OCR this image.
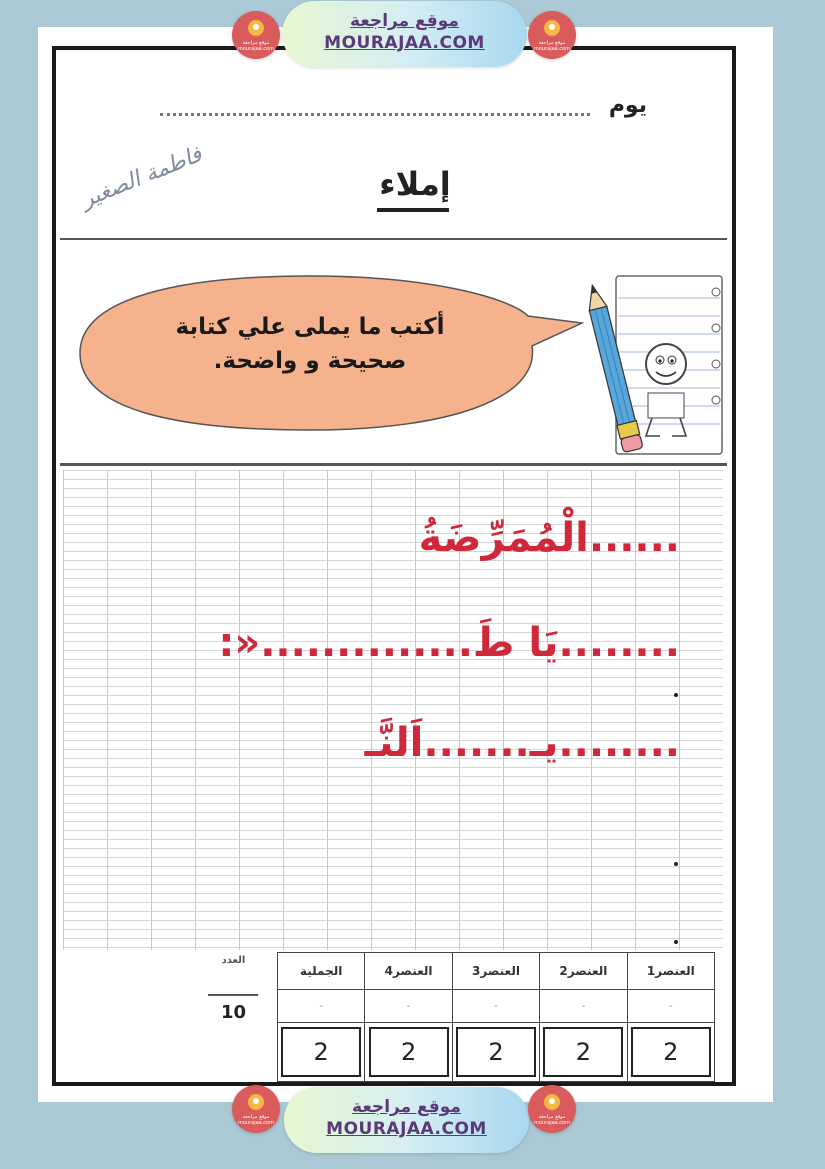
موقع مراجعة
MOURAJAA.COM
موقع مراجعة mourajaa.com
موقع مراجعة mourajaa.com
موقع مراجعة
MOURAJAA.COM
موقع مراجعة mourajaa.com
موقع مراجعة mourajaa.com
يوم
إملاء
فاطمة الصغير
أكتب ما يملى علي كتابة
صحيحة و واضحة.
......الْمُمَرِّضَةُ
........يَا طَ..............«:
........يـ.......اَلنَّـ
العنصر1	العنصر2	العنصر3	العنصر4	الجملية	العدد
10

-	-	-	-	-	
2	2	2	2	2	
